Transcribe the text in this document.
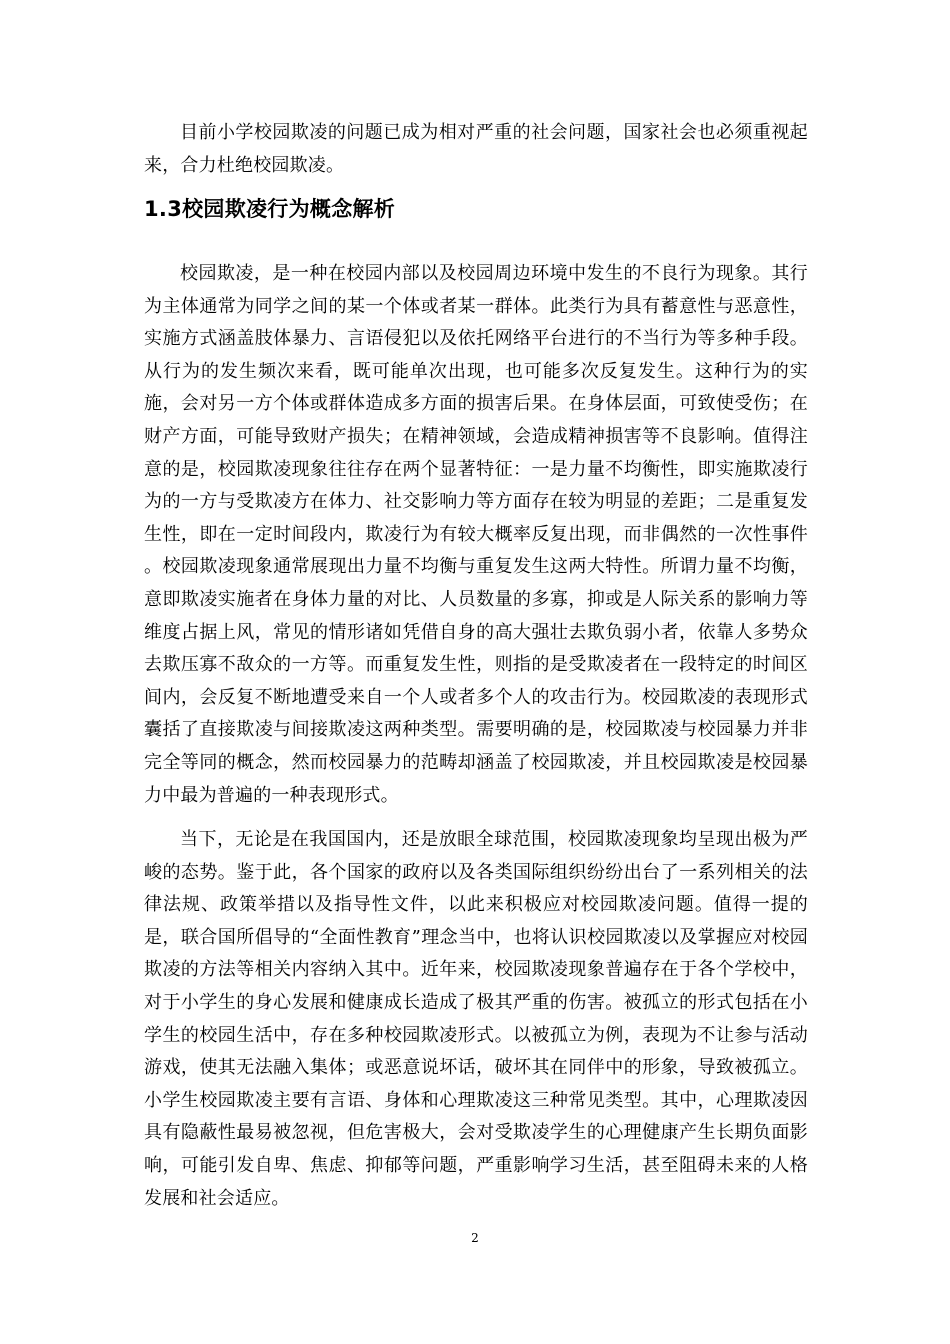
目前小学校园欺凌的问题已成为相对严重的社会问题，国家社会也必须重视起来，合力杜绝校园欺凌。

1.3校园欺凌行为概念解析

校园欺凌，是一种在校园内部以及校园周边环境中发生的不良行为现象。其行为主体通常为同学之间的某一个体或者某一群体。此类行为具有蓄意性与恶意性，实施方式涵盖肢体暴力、言语侵犯以及依托网络平台进行的不当行为等多种手段。从行为的发生频次来看，既可能单次出现，也可能多次反复发生。这种行为的实施，会对另一方个体或群体造成多方面的损害后果。在身体层面，可致使受伤；在财产方面，可能导致财产损失；在精神领域，会造成精神损害等不良影响。值得注意的是，校园欺凌现象往往存在两个显著特征：一是力量不均衡性，即实施欺凌行为的一方与受欺凌方在体力、社交影响力等方面存在较为明显的差距；二是重复发生性，即在一定时间段内，欺凌行为有较大概率反复出现，而非偶然的一次性事件 。校园欺凌现象通常展现出力量不均衡与重复发生这两大特性。所谓力量不均衡，意即欺凌实施者在身体力量的对比、人员数量的多寡，抑或是人际关系的影响力等维度占据上风，常见的情形诸如凭借自身的高大强壮去欺负弱小者，依靠人多势众去欺压寡不敌众的一方等。而重复发生性，则指的是受欺凌者在一段特定的时间区间内，会反复不断地遭受来自一个人或者多个人的攻击行为。校园欺凌的表现形式囊括了直接欺凌与间接欺凌这两种类型。需要明确的是，校园欺凌与校园暴力并非完全等同的概念，然而校园暴力的范畴却涵盖了校园欺凌，并且校园欺凌是校园暴力中最为普遍的一种表现形式。

当下，无论是在我国国内，还是放眼全球范围，校园欺凌现象均呈现出极为严峻的态势。鉴于此，各个国家的政府以及各类国际组织纷纷出台了一系列相关的法律法规、政策举措以及指导性文件，以此来积极应对校园欺凌问题。值得一提的是，联合国所倡导的“全面性教育”理念当中，也将认识校园欺凌以及掌握应对校园欺凌的方法等相关内容纳入其中。近年来，校园欺凌现象普遍存在于各个学校中，对于小学生的身心发展和健康成长造成了极其严重的伤害。被孤立的形式包括在小学生的校园生活中，存在多种校园欺凌形式。以被孤立为例，表现为不让参与活动游戏，使其无法融入集体；或恶意说坏话，破坏其在同伴中的形象，导致被孤立。小学生校园欺凌主要有言语、身体和心理欺凌这三种常见类型。其中，心理欺凌因具有隐蔽性最易被忽视，但危害极大，会对受欺凌学生的心理健康产生长期负面影响，可能引发自卑、焦虑、抑郁等问题，严重影响学习生活，甚至阻碍未来的人格发展和社会适应。

2
